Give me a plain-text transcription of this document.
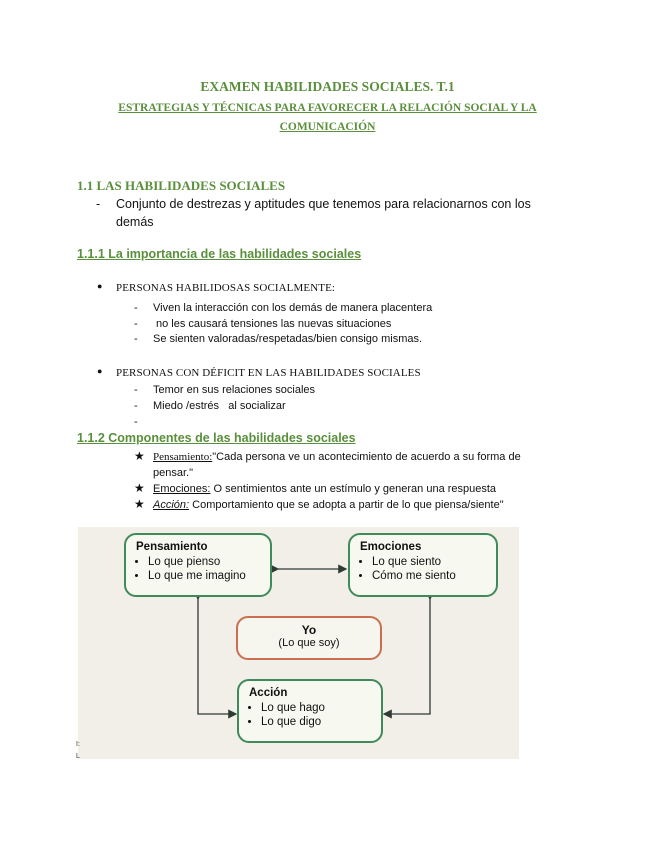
EXAMEN HABILIDADES SOCIALES. T.1
ESTRATEGIAS Y TÉCNICAS PARA FAVORECER LA RELACIÓN SOCIAL Y LA COMUNICACIÓN
1.1 LAS HABILIDADES SOCIALES
- Conjunto de destrezas y aptitudes que tenemos para relacionarnos con los demás
1.1.1 La importancia de las habilidades sociales
● PERSONAS HABILIDOSAS SOCIALMENTE:
- Viven la interacción con los demás de manera placentera
- no les causará tensiones las nuevas situaciones
- Se sienten valoradas/respetadas/bien consigo mismas.
● PERSONAS CON DÉFICIT EN LAS HABILIDADES SOCIALES
- Temor en sus relaciones sociales
- Miedo /estrés   al socializar
-
1.1.2 Componentes de las habilidades sociales
★ Pensamiento:"Cada persona ve un acontecimiento de acuerdo a su forma de pensar."
★ Emociones: O sentimientos ante un estímulo y generan una respuesta
★ Acción: Comportamiento que se adopta a partir de lo que piensa/siente"
Pensamiento
• Lo que pienso
• Lo que me imagino
Emociones
• Lo que siento
• Cómo me siento
Yo
(Lo que soy)
Acción
• Lo que hago
• Lo que digo
I:
L
